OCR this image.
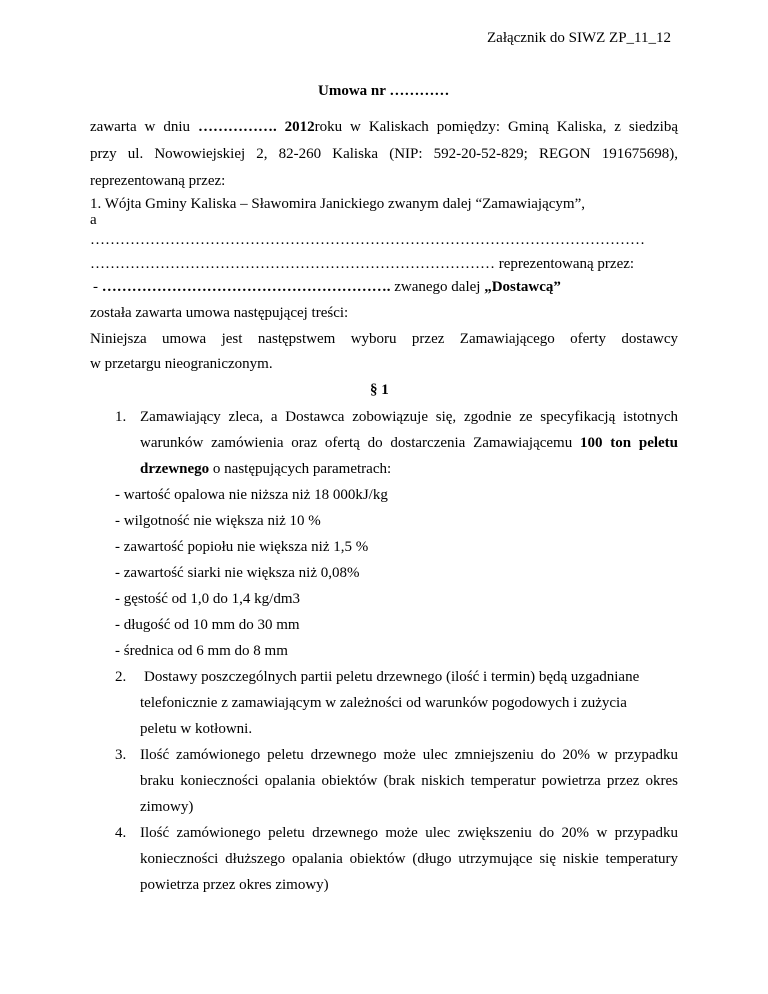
Załącznik do SIWZ ZP_11_12
Umowa nr …………
zawarta w dniu ……………. 2012roku w Kaliskach pomiędzy: Gminą Kaliska, z siedzibą
przy ul. Nowowiejskiej 2, 82-260 Kaliska (NIP: 592-20-52-829; REGON 191675698),
reprezentowaną przez:
1. Wójta Gminy Kaliska – Sławomira Janickiego zwanym dalej “Zamawiającym”,
a
…………………………………………………………………………………………………
……………………………………………………………………… reprezentowaną przez:
- …………………………………………………. zwanego dalej „Dostawcą”
została zawarta umowa następującej treści:
Niniejsza umowa jest następstwem wyboru przez Zamawiającego oferty dostawcy
w przetargu nieograniczonym.
§ 1
1. Zamawiający zleca, a Dostawca zobowiązuje się, zgodnie ze specyfikacją istotnych
warunków zamówienia oraz ofertą do dostarczenia Zamawiającemu 100 ton peletu
drzewnego o następujących parametrach:
- wartość opalowa nie niższa niż 18 000kJ/kg
- wilgotność nie większa niż 10 %
- zawartość popiołu nie większa niż 1,5 %
- zawartość siarki nie większa niż 0,08%
- gęstość od 1,0 do 1,4 kg/dm3
- długość od 10 mm do 30 mm
- średnica od 6 mm do 8 mm
2. Dostawy poszczególnych partii peletu drzewnego (ilość i termin) będą uzgadniane
telefonicznie z zamawiającym w zależności od warunków pogodowych i zużycia
peletu w kotłowni.
3. Ilość zamówionego peletu drzewnego może ulec zmniejszeniu do 20% w przypadku
braku konieczności opalania obiektów (brak niskich temperatur powietrza przez okres
zimowy)
4. Ilość zamówionego peletu drzewnego może ulec zwiększeniu do 20% w przypadku
konieczności dłuższego opalania obiektów (długo utrzymujące się niskie temperatury
powietrza przez okres zimowy)
